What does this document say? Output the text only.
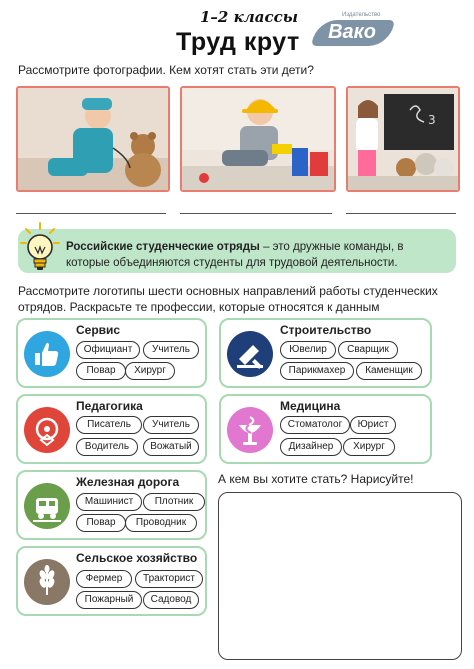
1–2 классы
Труд крут
Издательство
Вако
Рассмотрите фотографии. Кем хотят стать эти дети?
3
Российские студенческие отряды – это дружные команды, в которые объединяются студенты для трудовой деятельности.
Рассмотрите логотипы шести основных направлений работы студенческих отрядов. Раскрасьте те профессии, которые относятся к данным
Сервис
Официант	Учитель
Повар	Хирург
Строительство
Ювелир	Сварщик
Парикмахер	Каменщик
Педагогика
Писатель	Учитель
Водитель	Вожатый
Медицина
Стоматолог	Юрист
Дизайнер	Хирург
Железная дорога
Машинист	Плотник
Повар	Проводник
Сельское хозяйство
Фермер	Тракторист
Пожарный	Садовод
А кем вы хотите стать? Нарисуйте!
